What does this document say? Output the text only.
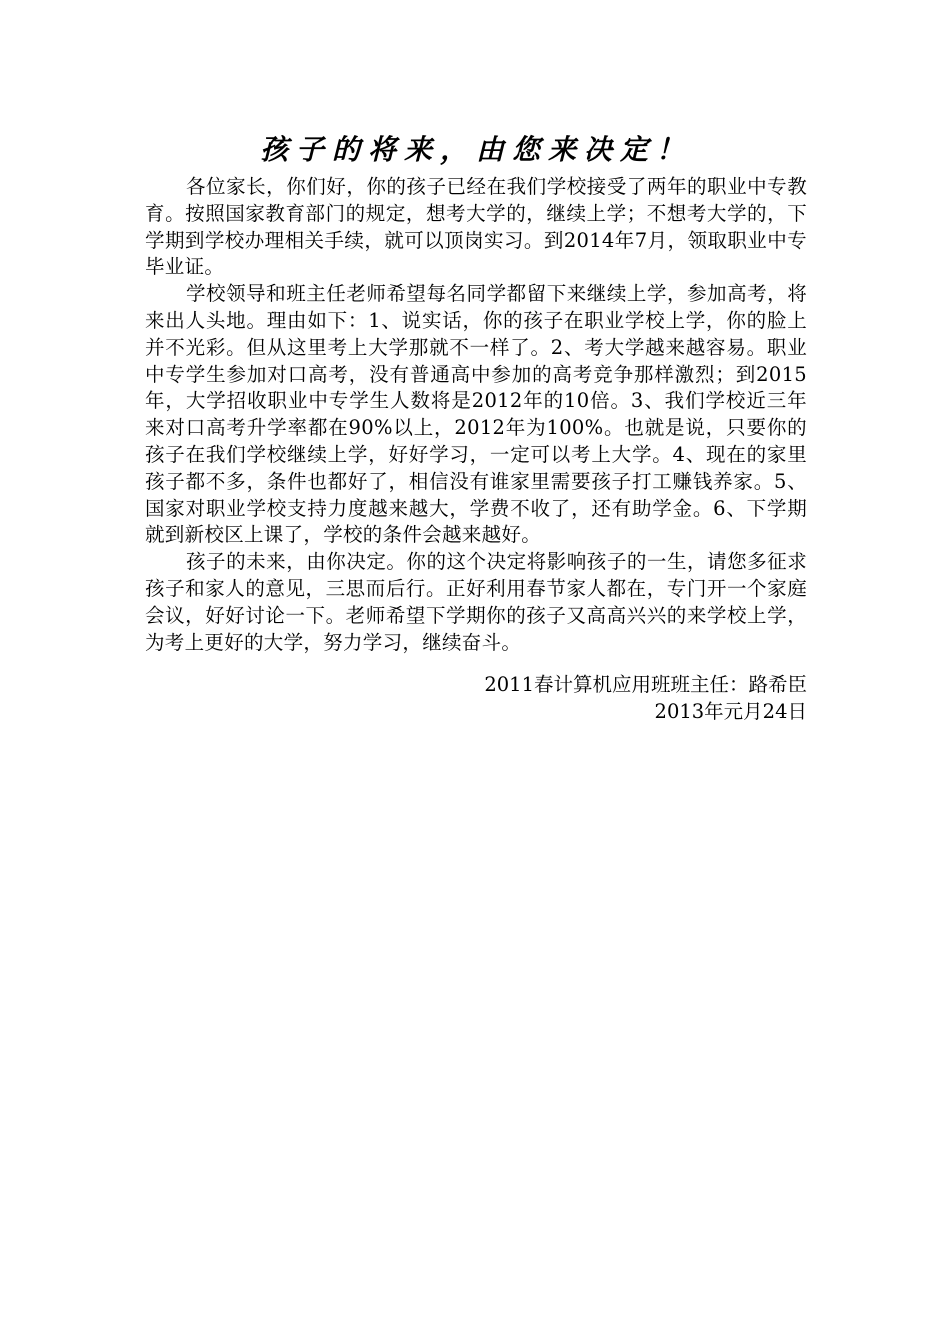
孩子的将来，由您来决定！

各位家长，你们好，你的孩子已经在我们学校接受了两年的职业中专教育。按照国家教育部门的规定，想考大学的，继续上学；不想考大学的，下学期到学校办理相关手续，就可以顶岗实习。到2014年7月，领取职业中专毕业证。

学校领导和班主任老师希望每名同学都留下来继续上学，参加高考，将来出人头地。理由如下：1、说实话，你的孩子在职业学校上学，你的脸上并不光彩。但从这里考上大学那就不一样了。2、考大学越来越容易。职业中专学生参加对口高考，没有普通高中参加的高考竞争那样激烈；到2015年，大学招收职业中专学生人数将是2012年的10倍。3、我们学校近三年来对口高考升学率都在90%以上，2012年为100%。也就是说，只要你的孩子在我们学校继续上学，好好学习，一定可以考上大学。4、现在的家里孩子都不多，条件也都好了，相信没有谁家里需要孩子打工赚钱养家。5、国家对职业学校支持力度越来越大，学费不收了，还有助学金。6、下学期就到新校区上课了，学校的条件会越来越好。

孩子的未来，由你决定。你的这个决定将影响孩子的一生，请您多征求孩子和家人的意见，三思而后行。正好利用春节家人都在，专门开一个家庭会议，好好讨论一下。老师希望下学期你的孩子又高高兴兴的来学校上学，为考上更好的大学，努力学习，继续奋斗。

2011春计算机应用班班主任：路希臣

2013年元月24日
